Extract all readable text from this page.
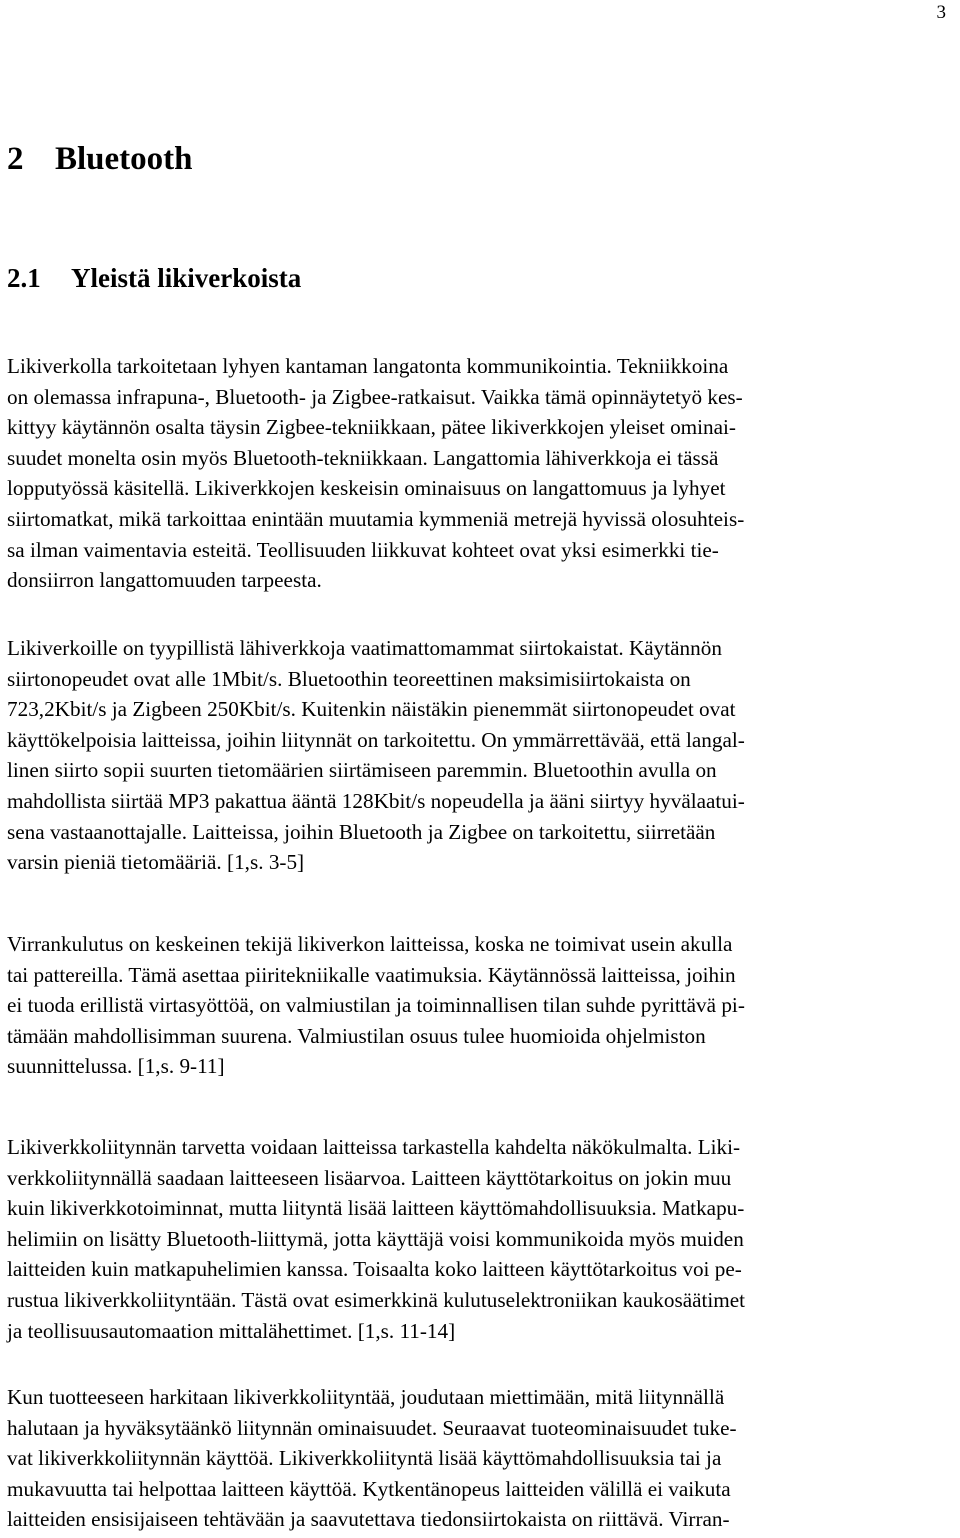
3
2 Bluetooth
2.1 Yleistä likiverkoista
Likiverkolla tarkoitetaan lyhyen kantaman langatonta kommunikointia. Tekniikkoina
on olemassa infrapuna-, Bluetooth- ja Zigbee-ratkaisut. Vaikka tämä opinnäytetyö kes-
kittyy käytännön osalta täysin Zigbee-tekniikkaan, pätee likiverkkojen yleiset ominai-
suudet monelta osin myös Bluetooth-tekniikkaan. Langattomia lähiverkkoja ei tässä
lopputyössä käsitellä. Likiverkkojen keskeisin ominaisuus on langattomuus ja lyhyet
siirtomatkat, mikä tarkoittaa enintään muutamia kymmeniä metrejä hyvissä olosuhteis-
sa ilman vaimentavia esteitä. Teollisuuden liikkuvat kohteet ovat yksi esimerkki tie-
donsiirron langattomuuden tarpeesta.
Likiverkoille on tyypillistä lähiverkkoja vaatimattomammat siirtokaistat. Käytännön
siirtonopeudet ovat alle 1Mbit/s. Bluetoothin teoreettinen maksimisiirtokaista on
723,2Kbit/s ja Zigbeen 250Kbit/s. Kuitenkin näistäkin pienemmät siirtonopeudet ovat
käyttökelpoisia laitteissa, joihin liitynnät on tarkoitettu. On ymmärrettävää, että langal-
linen siirto sopii suurten tietomäärien siirtämiseen paremmin. Bluetoothin avulla on
mahdollista siirtää MP3 pakattua ääntä 128Kbit/s nopeudella ja ääni siirtyy hyvälaatui-
sena vastaanottajalle. Laitteissa, joihin Bluetooth ja Zigbee on tarkoitettu, siirretään
varsin pieniä tietomääriä. [1,s. 3-5]
Virrankulutus on keskeinen tekijä likiverkon laitteissa, koska ne toimivat usein akulla
tai pattereilla. Tämä asettaa piiritekniikalle vaatimuksia. Käytännössä laitteissa, joihin
ei tuoda erillistä virtasyöttöä, on valmiustilan ja toiminnallisen tilan suhde pyrittävä pi-
tämään mahdollisimman suurena. Valmiustilan osuus tulee huomioida ohjelmiston
suunnittelussa. [1,s. 9-11]
Likiverkkoliitynnän tarvetta voidaan laitteissa tarkastella kahdelta näkökulmalta. Liki-
verkkoliitynnällä saadaan laitteeseen lisäarvoa. Laitteen käyttötarkoitus on jokin muu
kuin likiverkkotoiminnat, mutta liityntä lisää laitteen käyttömahdollisuuksia. Matkapu-
helimiin on lisätty Bluetooth-liittymä, jotta käyttäjä voisi kommunikoida myös muiden
laitteiden kuin matkapuhelimien kanssa. Toisaalta koko laitteen käyttötarkoitus voi pe-
rustua likiverkkoliityntään. Tästä ovat esimerkkinä kulutuselektroniikan kaukosäätimet
ja teollisuusautomaation mittalähettimet. [1,s. 11-14]
Kun tuotteeseen harkitaan likiverkkoliityntää, joudutaan miettimään, mitä liitynnällä
halutaan ja hyväksytäänkö liitynnän ominaisuudet. Seuraavat tuoteominaisuudet tuke-
vat likiverkkoliitynnän käyttöä. Likiverkkoliityntä lisää käyttömahdollisuuksia tai ja
mukavuutta tai helpottaa laitteen käyttöä. Kytkentänopeus laitteiden välillä ei vaikuta
laitteiden ensisijaiseen tehtävään ja saavutettava tiedonsiirtokaista on riittävä. Virran-
